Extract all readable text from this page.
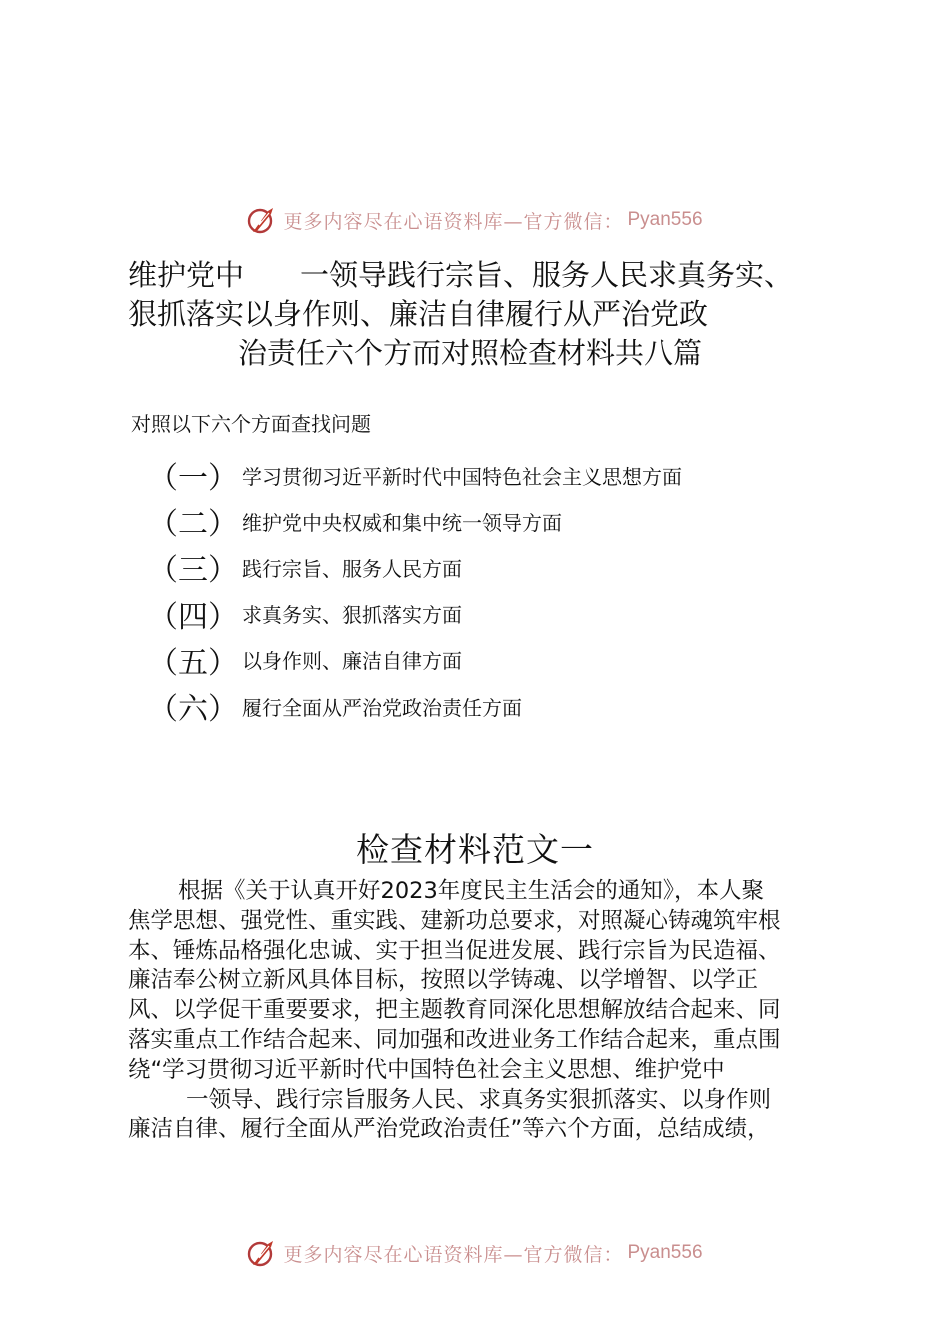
更多内容尽在心语资料库—官方微信： Pyan556
维护党中 一领导践行宗旨、服务人民求真务实、
狠抓落实以身作则、廉洁自律履行从严治党政
治责任六个方而对照检查材料共八篇
对照以下六个方面查找问题
（一） 学习贯彻习近平新时代中国特色社会主义思想方面
（二） 维护党中央权威和集中统一领导方面
（三） 践行宗旨、服务人民方面
（四） 求真务实、狠抓落实方面
（五） 以身作则、廉洁自律方面
（六） 履行全面从严治党政治责任方面
检查材料范文一
根据《关于认真开好2023年度民主生活会的通知》，本人聚
焦学思想、强党性、重实践、建新功总要求，对照凝心铸魂筑牢根
本、锤炼品格强化忠诚、实于担当促进发展、践行宗旨为民造福、
廉洁奉公树立新风具体目标，按照以学铸魂、以学增智、以学正
风、以学促干重要要求，把主题教育同深化思想解放结合起来、同
落实重点工作结合起来、同加强和改进业务工作结合起来，重点围
绕“学习贯彻习近平新时代中国特色社会主义思想、维护党中
一领导、践行宗旨服务人民、求真务实狠抓落实、以身作则
廉洁自律、履行全面从严治党政治责任”等六个方面，总结成绩，
更多内容尽在心语资料库—官方微信： Pyan556
